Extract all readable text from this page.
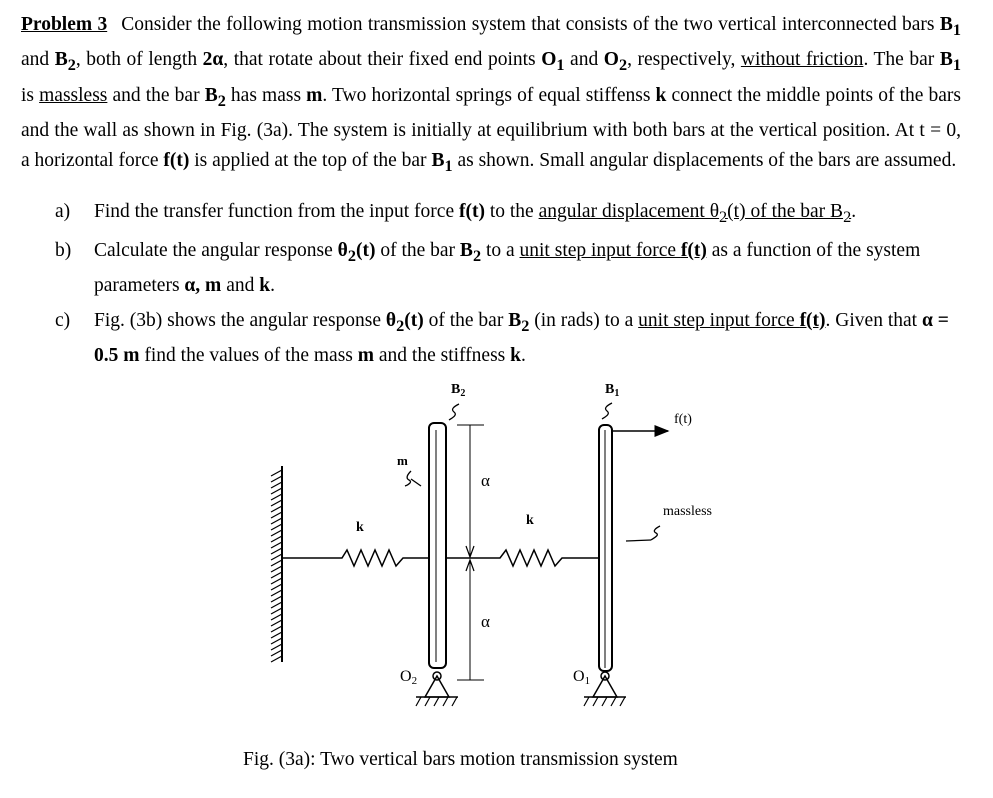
Problem 3 Consider the following motion transmission system that consists of the two vertical interconnected bars $B_1$ and $B_2$, both of length 2α, that rotate about their fixed end points $O_1$ and $O_2$, respectively, without friction. The bar $B_1$ is massless and the bar $B_2$ has mass m. Two horizontal springs of equal stiffenss k connect the middle points of the bars and the wall as shown in Fig. (3a). The system is initially at equilibrium with both bars at the vertical position. At t = 0, a horizontal force f(t) is applied at the top of the bar $B_1$ as shown. Small angular displacements of the bars are assumed.
a) Find the transfer function from the input force f(t) to the angular displacement $\theta_2(t)$ of the bar $B_2$.
b) Calculate the angular response $\theta_2(t)$ of the bar $B_2$ to a unit step input force f(t) as a function of the system parameters α, m and k.
c) Fig. (3b) shows the angular response $\theta_2(t)$ of the bar $B_2$ (in rads) to a unit step input force f(t). Given that α = 0.5 m find the values of the mass m and the stiffness k.
$B_2$	$B_1$
f(t)
m
massless
k	k
α
α
O2	O1
Fig. (3a): Two vertical bars motion transmission system
